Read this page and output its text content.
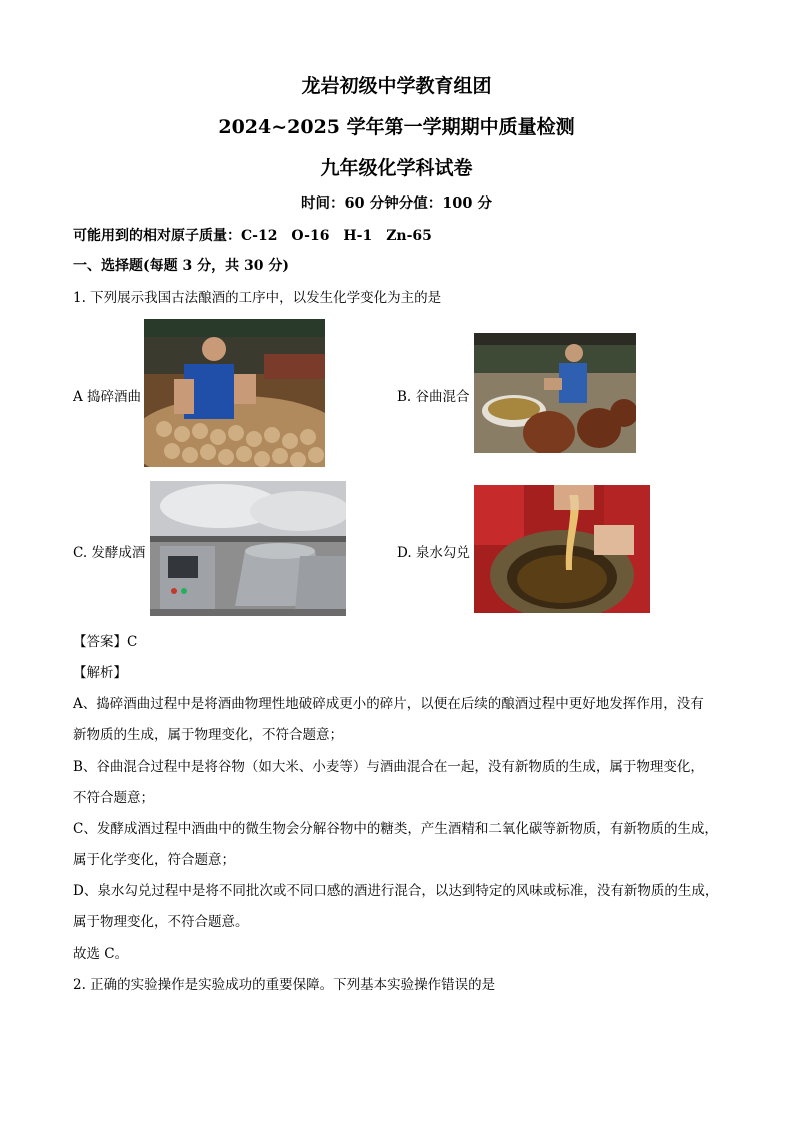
龙岩初级中学教育组团
2024~2025 学年第一学期期中质量检测
九年级化学科试卷
时间：60 分钟分值：100 分
可能用到的相对原子质量：C-12　O-16　H-1　Zn-65
一、选择题(每题 3 分，共 30 分)
1. 下列展示我国古法酿酒的工序中，以发生化学变化为主的是
A 捣碎酒曲	B. 谷曲混合
C. 发酵成酒	D. 泉水勾兑
【答案】C
【解析】
A、捣碎酒曲过程中是将酒曲物理性地破碎成更小的碎片，以便在后续的酿酒过程中更好地发挥作用，没有
新物质的生成，属于物理变化，不符合题意；
B、谷曲混合过程中是将谷物（如大米、小麦等）与酒曲混合在一起，没有新物质的生成，属于物理变化，
不符合题意；
C、发酵成酒过程中酒曲中的微生物会分解谷物中的糖类，产生酒精和二氧化碳等新物质，有新物质的生成，
属于化学变化，符合题意；
D、泉水勾兑过程中是将不同批次或不同口感的酒进行混合，以达到特定的风味或标准，没有新物质的生成，
属于物理变化，不符合题意。
故选 C。
2. 正确的实验操作是实验成功的重要保障。下列基本实验操作错误的是
